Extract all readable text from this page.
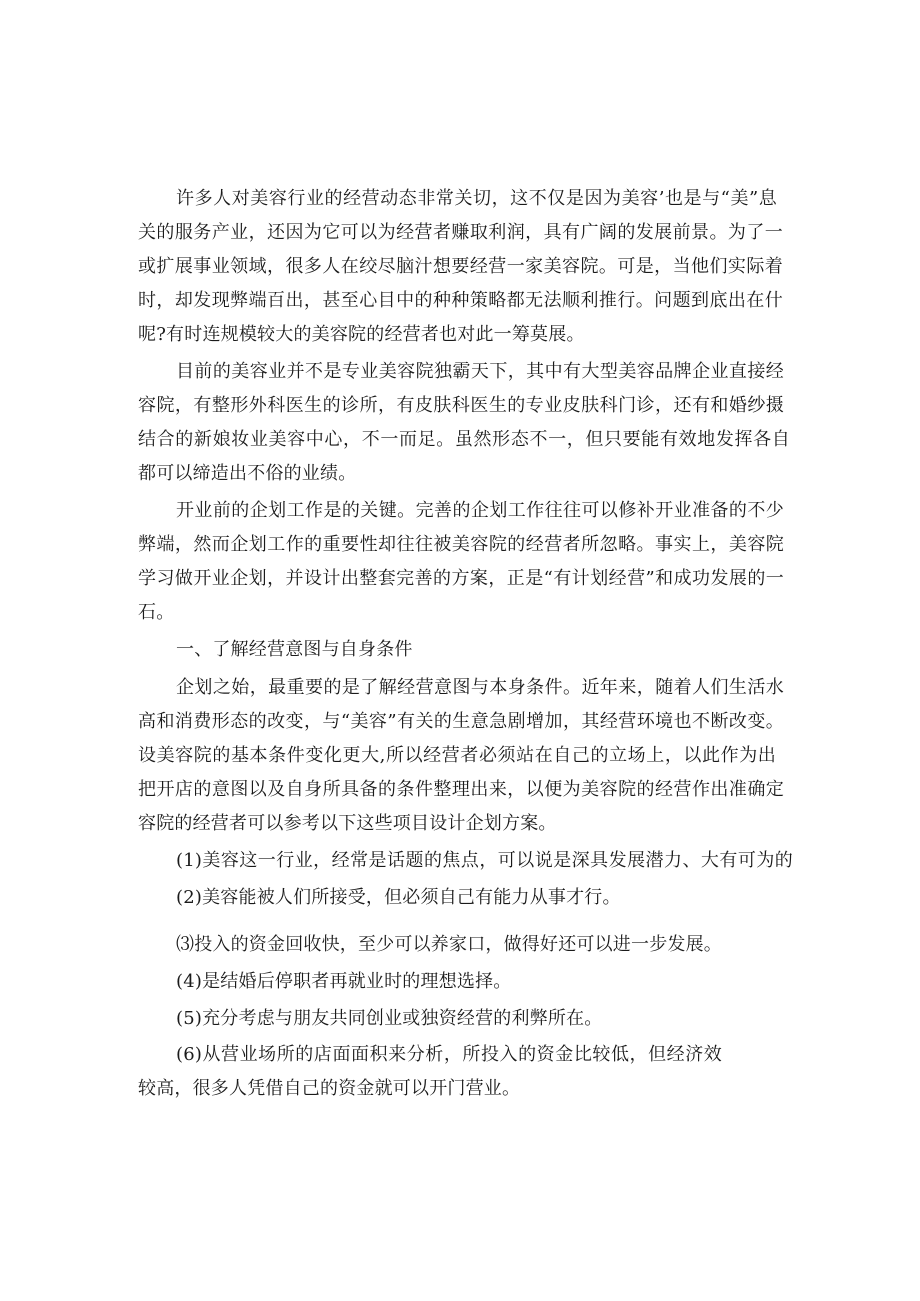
许多人对美容行业的经营动态非常关切，这不仅是因为美容’也是与“美”息
关的服务产业，还因为它可以为经营者赚取利润，具有广阔的发展前景。为了一
或扩展事业领域，很多人在绞尽脑汁想要经营一家美容院。可是，当他们实际着
时，却发现弊端百出，甚至心目中的种种策略都无法顺利推行。问题到底出在什
呢?有时连规模较大的美容院的经营者也对此一筹莫展。
目前的美容业并不是专业美容院独霸天下，其中有大型美容品牌企业直接经
容院，有整形外科医生的诊所，有皮肤科医生的专业皮肤科门诊，还有和婚纱摄
结合的新娘妆业美容中心，不一而足。虽然形态不一，但只要能有效地发挥各自
都可以缔造出不俗的业绩。
开业前的企划工作是的关键。完善的企划工作往往可以修补开业准备的不少
弊端，然而企划工作的重要性却往往被美容院的经营者所忽略。事实上，美容院
学习做开业企划，并设计出整套完善的方案，正是“有计划经营”和成功发展的一
石。
一、了解经营意图与自身条件
企划之始，最重要的是了解经营意图与本身条件。近年来，随着人们生活水
高和消费形态的改变，与“美容”有关的生意急剧增加，其经营环境也不断改变。
设美容院的基本条件变化更大,所以经营者必须站在自己的立场上，以此作为出
把开店的意图以及自身所具备的条件整理出来，以便为美容院的经营作出准确定
容院的经营者可以参考以下这些项目设计企划方案。
(1)美容这一行业，经常是话题的焦点，可以说是深具发展潜力、大有可为的
(2)美容能被人们所接受，但必须自己有能力从事才行。
⑶投入的资金回收快，至少可以养家口，做得好还可以进一步发展。
(4)是结婚后停职者再就业时的理想选择。
(5)充分考虑与朋友共同创业或独资经营的利弊所在。
(6)从营业场所的店面面积来分析，所投入的资金比较低，但经济效
较高，很多人凭借自己的资金就可以开门营业。
